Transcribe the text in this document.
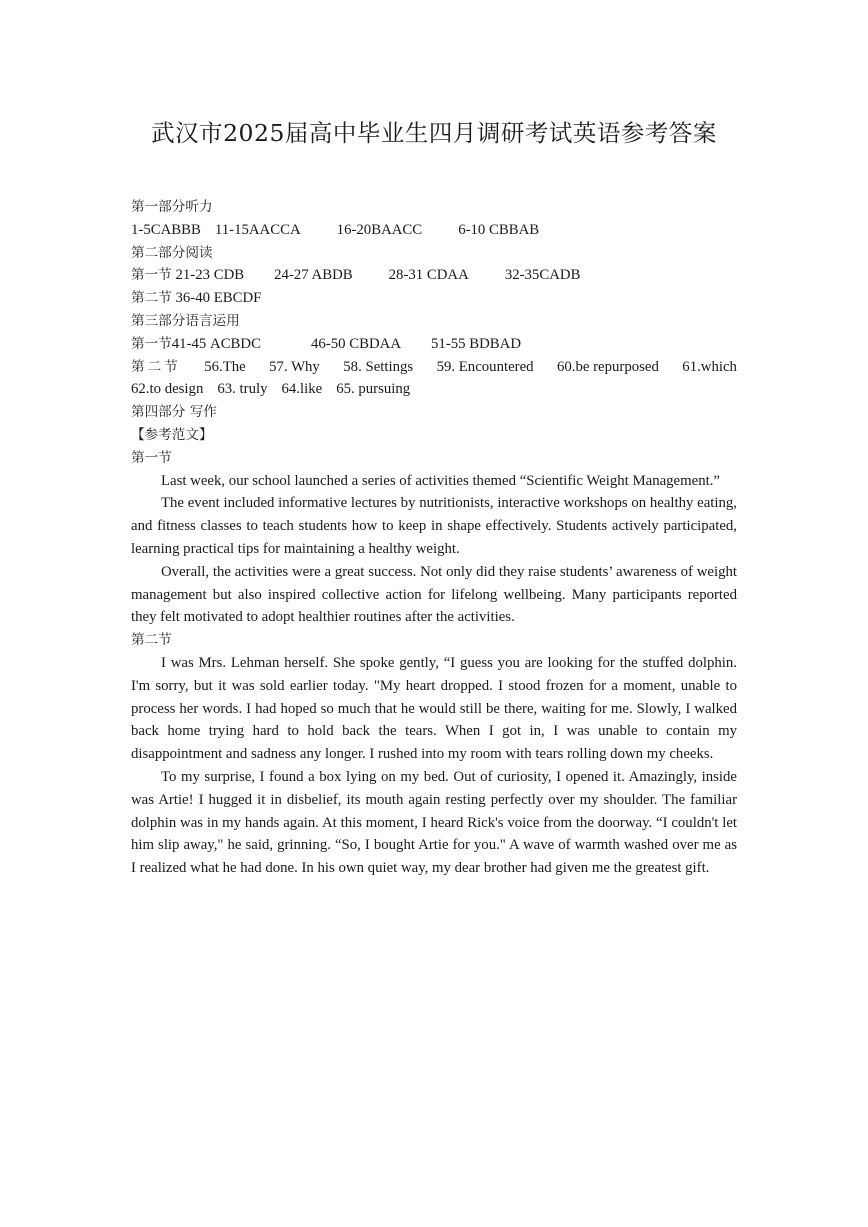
武汉市2025届高中毕业生四月调研考试英语参考答案
第一部分听力
1-5CABBB 11-15AACCA 16-20BAACC 6-10 CBBAB
第二部分阅读
第一节 21-23 CDB 24-27 ABDB 28-31 CDAA 32-35CADB
第二节 36-40 EBCDF
第三部分语言运用
第一节41-45 ACBDC	46-50 CBDAA 51-55 BDBAD
第二节 56.The 57. Why 58. Settings 59. Encountered 60.be repurposed 61.which
62.to design 63. truly 64.like 65. pursuing
第四部分 写作
【参考范文】
第一节

Last week, our school launched a series of activities themed “Scientific Weight Management.”

The event included informative lectures by nutritionists, interactive workshops on healthy eating, and fitness classes to teach students how to keep in shape effectively. Students actively participated, learning practical tips for maintaining a healthy weight.

Overall, the activities were a great success. Not only did they raise students’ awareness of weight management but also inspired collective action for lifelong wellbeing. Many participants reported they felt motivated to adopt healthier routines after the activities.

第二节

I was Mrs. Lehman herself. She spoke gently, “I guess you are looking for the stuffed dolphin. I'm sorry, but it was sold earlier today. "My heart dropped. I stood frozen for a moment, unable to process her words. I had hoped so much that he would still be there, waiting for me. Slowly, I walked back home trying hard to hold back the tears. When I got in, I was unable to contain my disappointment and sadness any longer. I rushed into my room with tears rolling down my cheeks.

To my surprise, I found a box lying on my bed. Out of curiosity, I opened it. Amazingly, inside was Artie! I hugged it in disbelief, its mouth again resting perfectly over my shoulder. The familiar dolphin was in my hands again. At this moment, I heard Rick's voice from the doorway. “I couldn't let him slip away," he said, grinning. “So, I bought Artie for you." A wave of warmth washed over me as I realized what he had done. In his own quiet way, my dear brother had given me the greatest gift.
